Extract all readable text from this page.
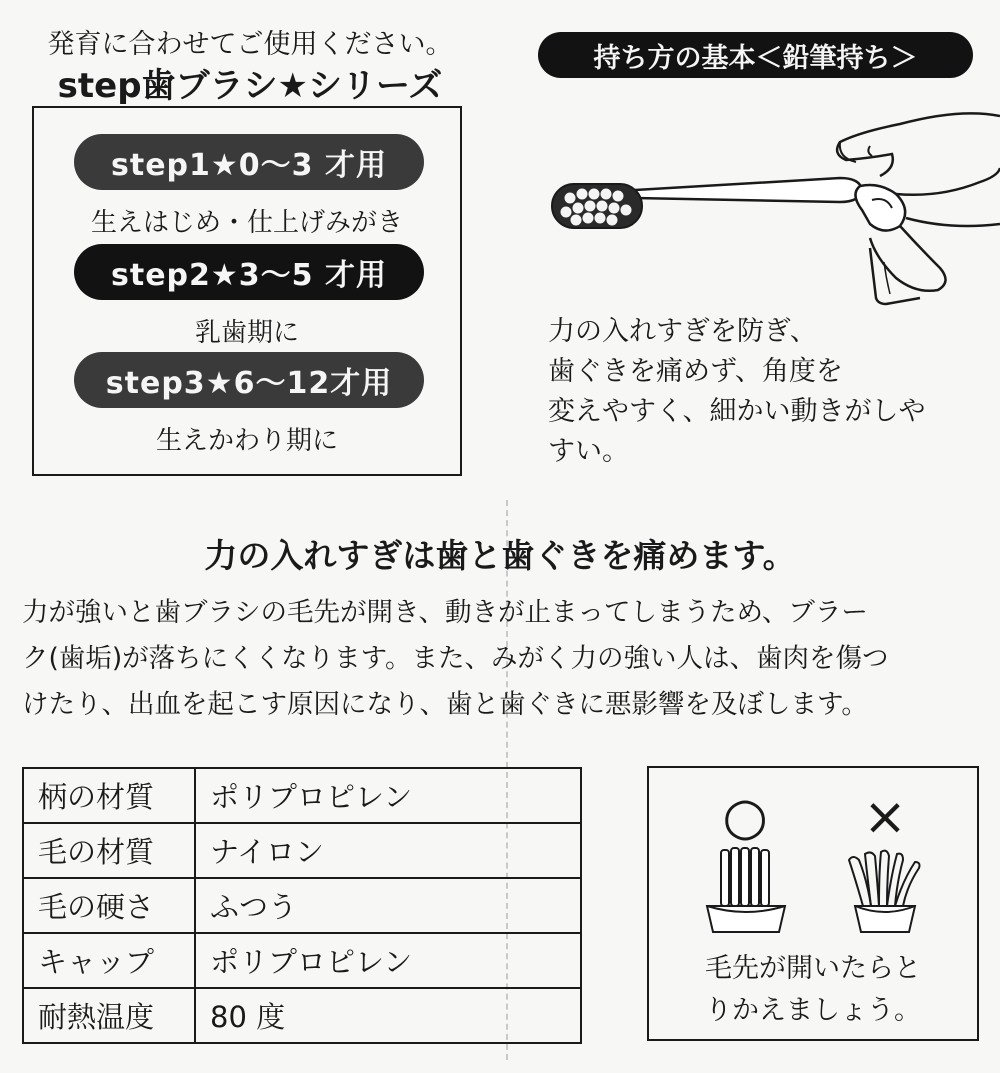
発育に合わせてご使用ください。
step歯ブラシ★シリーズ
step1★0～3 才用
生えはじめ・仕上げみがき
step2★3～5 才用
乳歯期に
step3★6～12才用
生えかわり期に
持ち方の基本＜鉛筆持ち＞
力の入れすぎを防ぎ、
歯ぐきを痛めず、角度を
変えやすく、細かい動きがしや
すい。
力の入れすぎは歯と歯ぐきを痛めます。
力が強いと歯ブラシの毛先が開き、動きが止まってしまうため、ブラー
ク(歯垢)が落ちにくくなります。また、みがく力の強い人は、歯肉を傷つ
けたり、出血を起こす原因になり、歯と歯ぐきに悪影響を及ぼします。
柄の材質	ポリプロピレン
毛の材質	ナイロン
毛の硬さ	ふつう
キャップ	ポリプロピレン
耐熱温度	80 度
○ ×
毛先が開いたらと
りかえましょう。
